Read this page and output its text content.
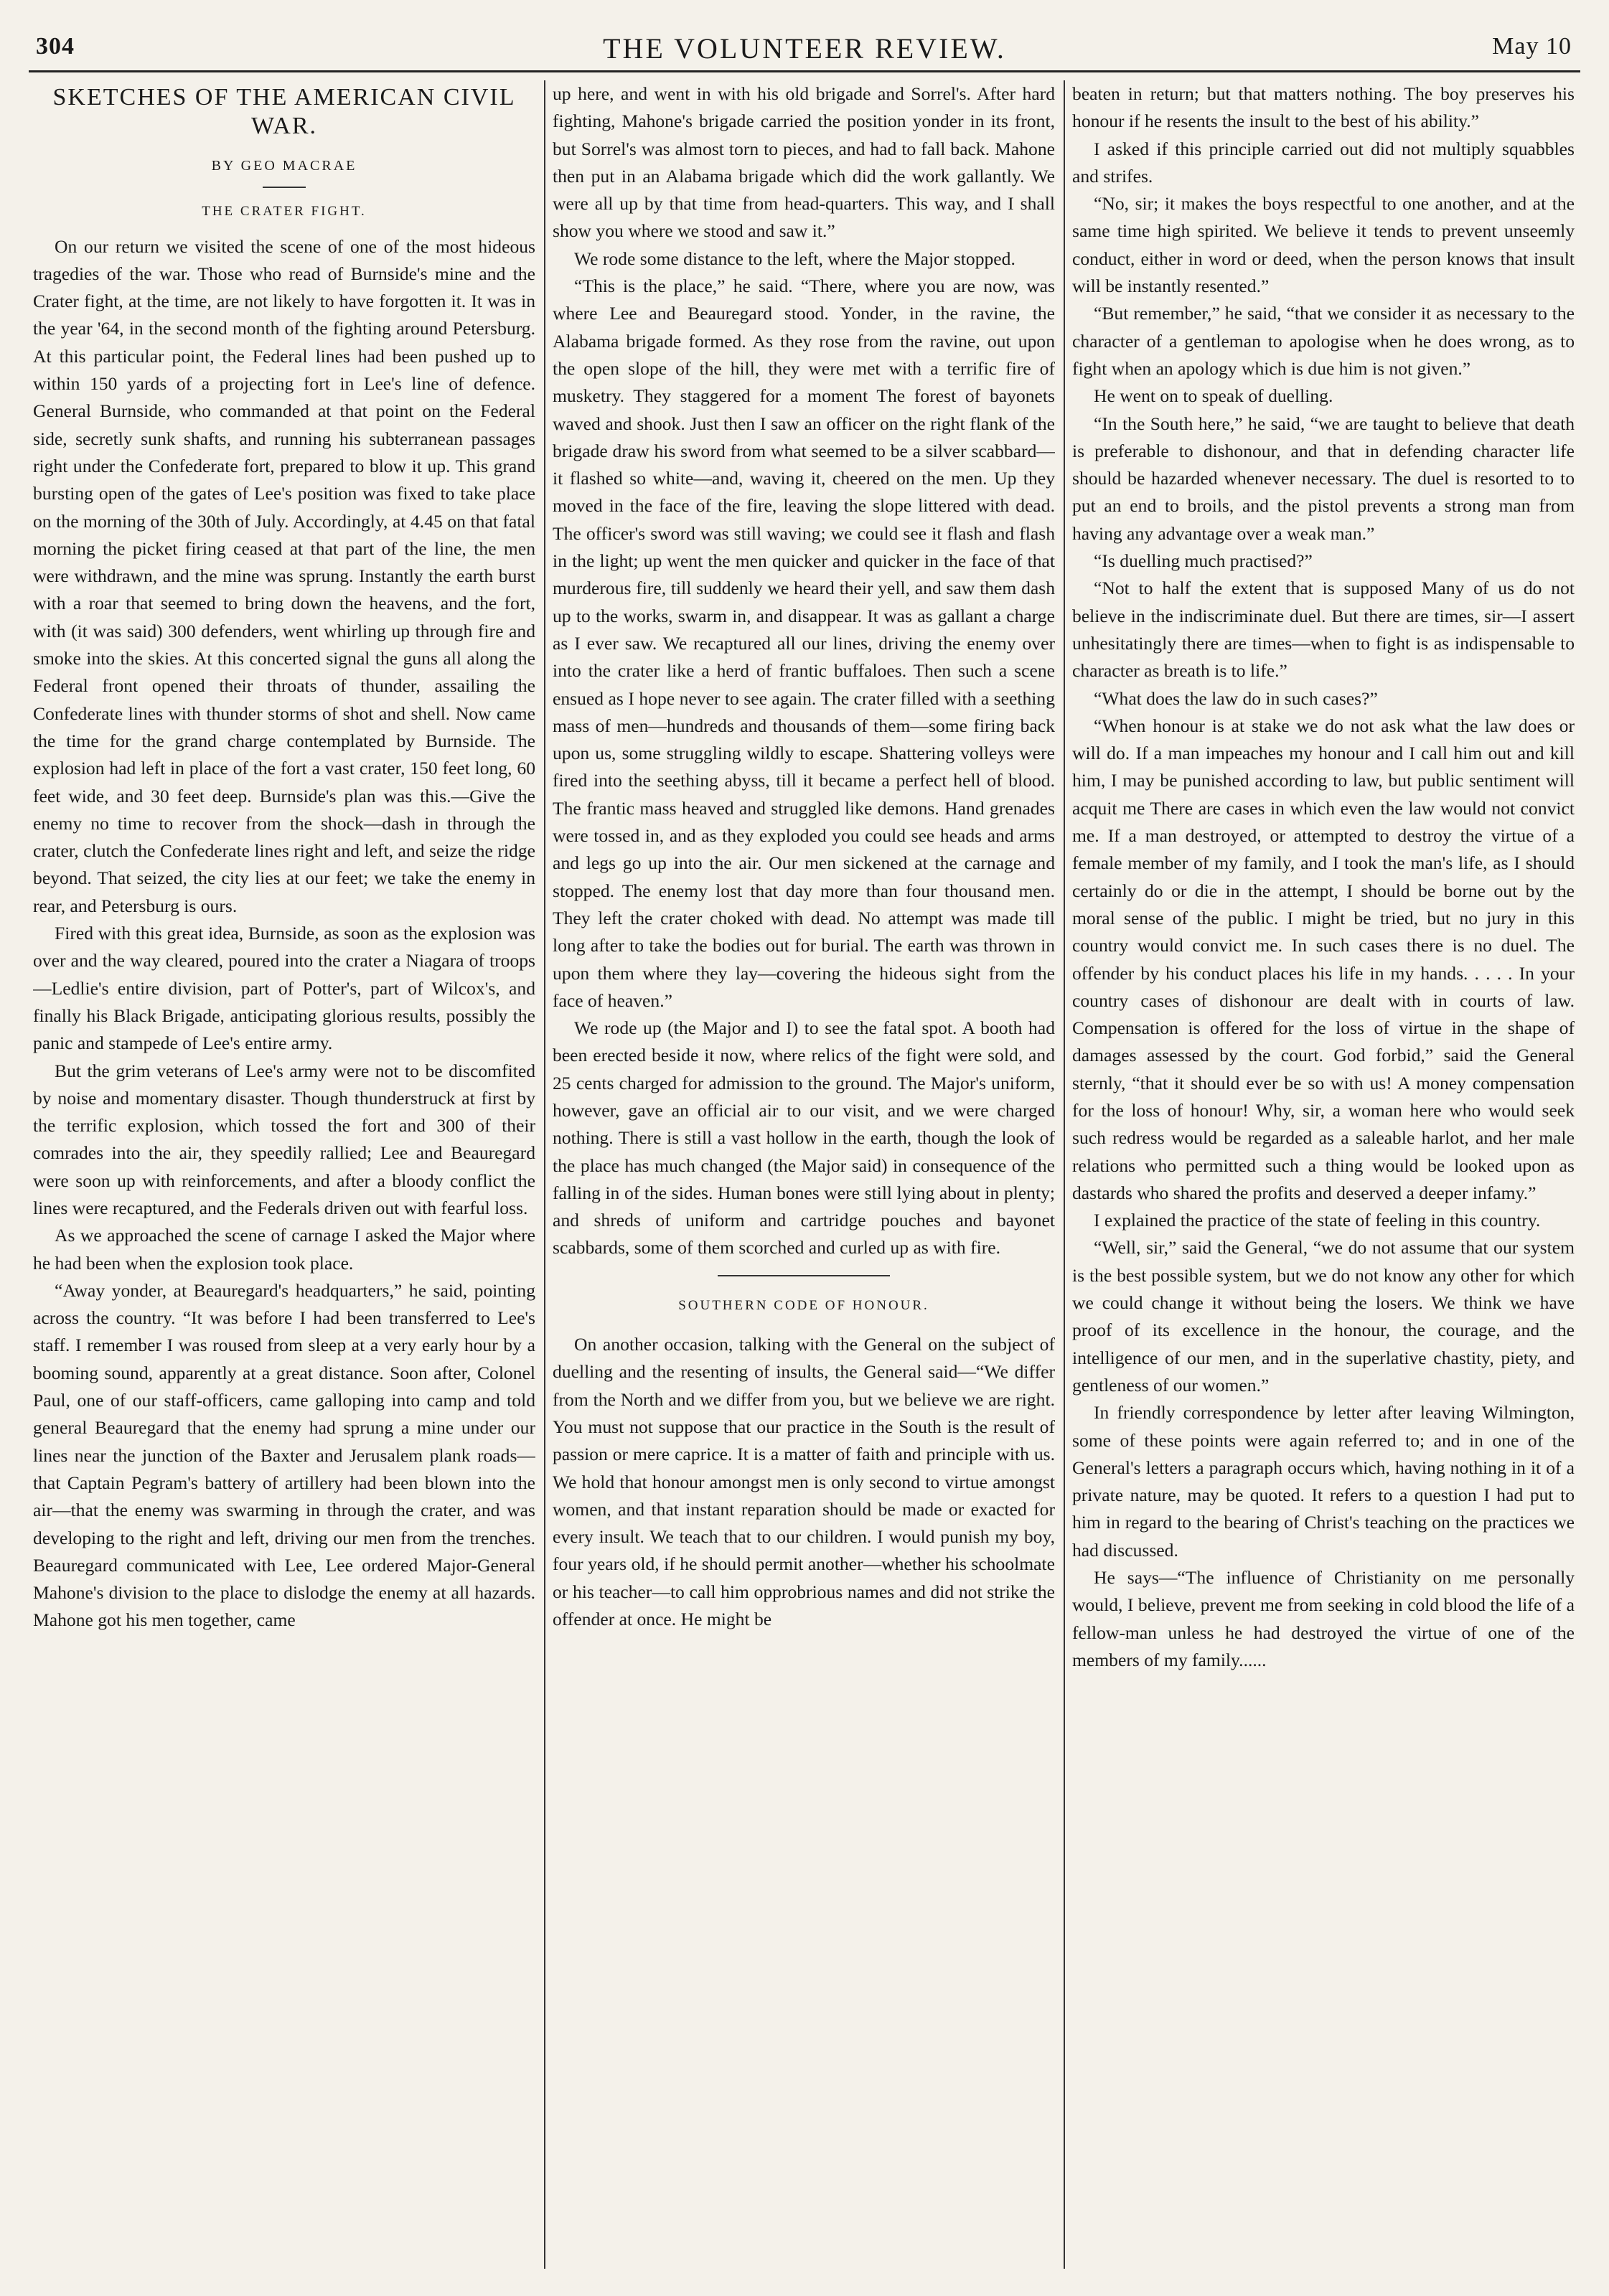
304	THE VOLUNTEER REVIEW.	May 10
SKETCHES OF THE AMERICAN CIVIL WAR.
BY GEO MACRAE
THE CRATER FIGHT.

On our return we visited the scene of one of the most hideous tragedies of the war. Those who read of Burnside's mine and the Crater fight, at the time, are not likely to have forgotten it. It was in the year '64, in the second month of the fighting around Petersburg. At this particular point, the Federal lines had been pushed up to within 150 yards of a projecting fort in Lee's line of defence. General Burnside, who commanded at that point on the Federal side, secretly sunk shafts, and running his subterranean passages right under the Confederate fort, prepared to blow it up. This grand bursting open of the gates of Lee's position was fixed to take place on the morning of the 30th of July. Accordingly, at 4.45 on that fatal morning the picket firing ceased at that part of the line, the men were withdrawn, and the mine was sprung. Instantly the earth burst with a roar that seemed to bring down the heavens, and the fort, with (it was said) 300 defenders, went whirling up through fire and smoke into the skies. At this concerted signal the guns all along the Federal front opened their throats of thunder, assailing the Confederate lines with thunder storms of shot and shell. Now came the time for the grand charge contemplated by Burnside. The explosion had left in place of the fort a vast crater, 150 feet long, 60 feet wide, and 30 feet deep. Burnside's plan was this.—Give the enemy no time to recover from the shock—dash in through the crater, clutch the Confederate lines right and left, and seize the ridge beyond. That seized, the city lies at our feet; we take the enemy in rear, and Petersburg is ours.

Fired with this great idea, Burnside, as soon as the explosion was over and the way cleared, poured into the crater a Niagara of troops—Ledlie's entire division, part of Potter's, part of Wilcox's, and finally his Black Brigade, anticipating glorious results, possibly the panic and stampede of Lee's entire army.

But the grim veterans of Lee's army were not to be discomfited by noise and momentary disaster. Though thunderstruck at first by the terrific explosion, which tossed the fort and 300 of their comrades into the air, they speedily rallied; Lee and Beauregard were soon up with reinforcements, and after a bloody conflict the lines were recaptured, and the Federals driven out with fearful loss.

As we approached the scene of carnage I asked the Major where he had been when the explosion took place.

“Away yonder, at Beauregard's headquarters,” he said, pointing across the country. “It was before I had been transferred to Lee's staff. I remember I was roused from sleep at a very early hour by a booming sound, apparently at a great distance. Soon after, Colonel Paul, one of our staff-officers, came galloping into camp and told general Beauregard that the enemy had sprung a mine under our lines near the junction of the Baxter and Jerusalem plank roads—that Captain Pegram's battery of artillery had been blown into the air—that the enemy was swarming in through the crater, and was developing to the right and left, driving our men from the trenches. Beauregard communicated with Lee, Lee ordered Major-General Mahone's division to the place to dislodge the enemy at all hazards. Mahone got his men together, came

up here, and went in with his old brigade and Sorrel's. After hard fighting, Mahone's brigade carried the position yonder in its front, but Sorrel's was almost torn to pieces, and had to fall back. Mahone then put in an Alabama brigade which did the work gallantly. We were all up by that time from head-quarters. This way, and I shall show you where we stood and saw it.”

We rode some distance to the left, where the Major stopped.

“This is the place,” he said. “There, where you are now, was where Lee and Beauregard stood. Yonder, in the ravine, the Alabama brigade formed. As they rose from the ravine, out upon the open slope of the hill, they were met with a terrific fire of musketry. They staggered for a moment The forest of bayonets waved and shook. Just then I saw an officer on the right flank of the brigade draw his sword from what seemed to be a silver scabbard—it flashed so white—and, waving it, cheered on the men. Up they moved in the face of the fire, leaving the slope littered with dead. The officer's sword was still waving; we could see it flash and flash in the light; up went the men quicker and quicker in the face of that murderous fire, till suddenly we heard their yell, and saw them dash up to the works, swarm in, and disappear. It was as gallant a charge as I ever saw. We recaptured all our lines, driving the enemy over into the crater like a herd of frantic buffaloes. Then such a scene ensued as I hope never to see again. The crater filled with a seething mass of men—hundreds and thousands of them—some firing back upon us, some struggling wildly to escape. Shattering volleys were fired into the seething abyss, till it became a perfect hell of blood. The frantic mass heaved and struggled like demons. Hand grenades were tossed in, and as they exploded you could see heads and arms and legs go up into the air. Our men sickened at the carnage and stopped. The enemy lost that day more than four thousand men. They left the crater choked with dead. No attempt was made till long after to take the bodies out for burial. The earth was thrown in upon them where they lay—covering the hideous sight from the face of heaven.”

We rode up (the Major and I) to see the fatal spot. A booth had been erected beside it now, where relics of the fight were sold, and 25 cents charged for admission to the ground. The Major's uniform, however, gave an official air to our visit, and we were charged nothing. There is still a vast hollow in the earth, though the look of the place has much changed (the Major said) in consequence of the falling in of the sides. Human bones were still lying about in plenty; and shreds of uniform and cartridge pouches and bayonet scabbards, some of them scorched and curled up as with fire.

SOUTHERN CODE OF HONOUR.

On another occasion, talking with the General on the subject of duelling and the resenting of insults, the General said—“We differ from the North and we differ from you, but we believe we are right. You must not suppose that our practice in the South is the result of passion or mere caprice. It is a matter of faith and principle with us. We hold that honour amongst men is only second to virtue amongst women, and that instant reparation should be made or exacted for every insult. We teach that to our children. I would punish my boy, four years old, if he should permit another—whether his schoolmate or his teacher—to call him opprobrious names and did not strike the offender at once. He might be

beaten in return; but that matters nothing. The boy preserves his honour if he resents the insult to the best of his ability.”

I asked if this principle carried out did not multiply squabbles and strifes.

“No, sir; it makes the boys respectful to one another, and at the same time high spirited. We believe it tends to prevent unseemly conduct, either in word or deed, when the person knows that insult will be instantly resented.”

“But remember,” he said, “that we consider it as necessary to the character of a gentleman to apologise when he does wrong, as to fight when an apology which is due him is not given.”

He went on to speak of duelling.

“In the South here,” he said, “we are taught to believe that death is preferable to dishonour, and that in defending character life should be hazarded whenever necessary. The duel is resorted to to put an end to broils, and the pistol prevents a strong man from having any advantage over a weak man.”

“Is duelling much practised?”

“Not to half the extent that is supposed Many of us do not believe in the indiscriminate duel. But there are times, sir—I assert unhesitatingly there are times—when to fight is as indispensable to character as breath is to life.”

“What does the law do in such cases?”

“When honour is at stake we do not ask what the law does or will do. If a man impeaches my honour and I call him out and kill him, I may be punished according to law, but public sentiment will acquit me There are cases in which even the law would not convict me. If a man destroyed, or attempted to destroy the virtue of a female member of my family, and I took the man's life, as I should certainly do or die in the attempt, I should be borne out by the moral sense of the public. I might be tried, but no jury in this country would convict me. In such cases there is no duel. The offender by his conduct places his life in my hands. . . . . In your country cases of dishonour are dealt with in courts of law. Compensation is offered for the loss of virtue in the shape of damages assessed by the court. God forbid,” said the General sternly, “that it should ever be so with us! A money compensation for the loss of honour! Why, sir, a woman here who would seek such redress would be regarded as a saleable harlot, and her male relations who permitted such a thing would be looked upon as dastards who shared the profits and deserved a deeper infamy.”

I explained the practice of the state of feeling in this country.

“Well, sir,” said the General, “we do not assume that our system is the best possible system, but we do not know any other for which we could change it without being the losers. We think we have proof of its excellence in the honour, the courage, and the intelligence of our men, and in the superlative chastity, piety, and gentleness of our women.”

In friendly correspondence by letter after leaving Wilmington, some of these points were again referred to; and in one of the General's letters a paragraph occurs which, having nothing in it of a private nature, may be quoted. It refers to a question I had put to him in regard to the bearing of Christ's teaching on the practices we had discussed.

He says—“The influence of Christianity on me personally would, I believe, prevent me from seeking in cold blood the life of a fellow-man unless he had destroyed the virtue of one of the members of my family......
